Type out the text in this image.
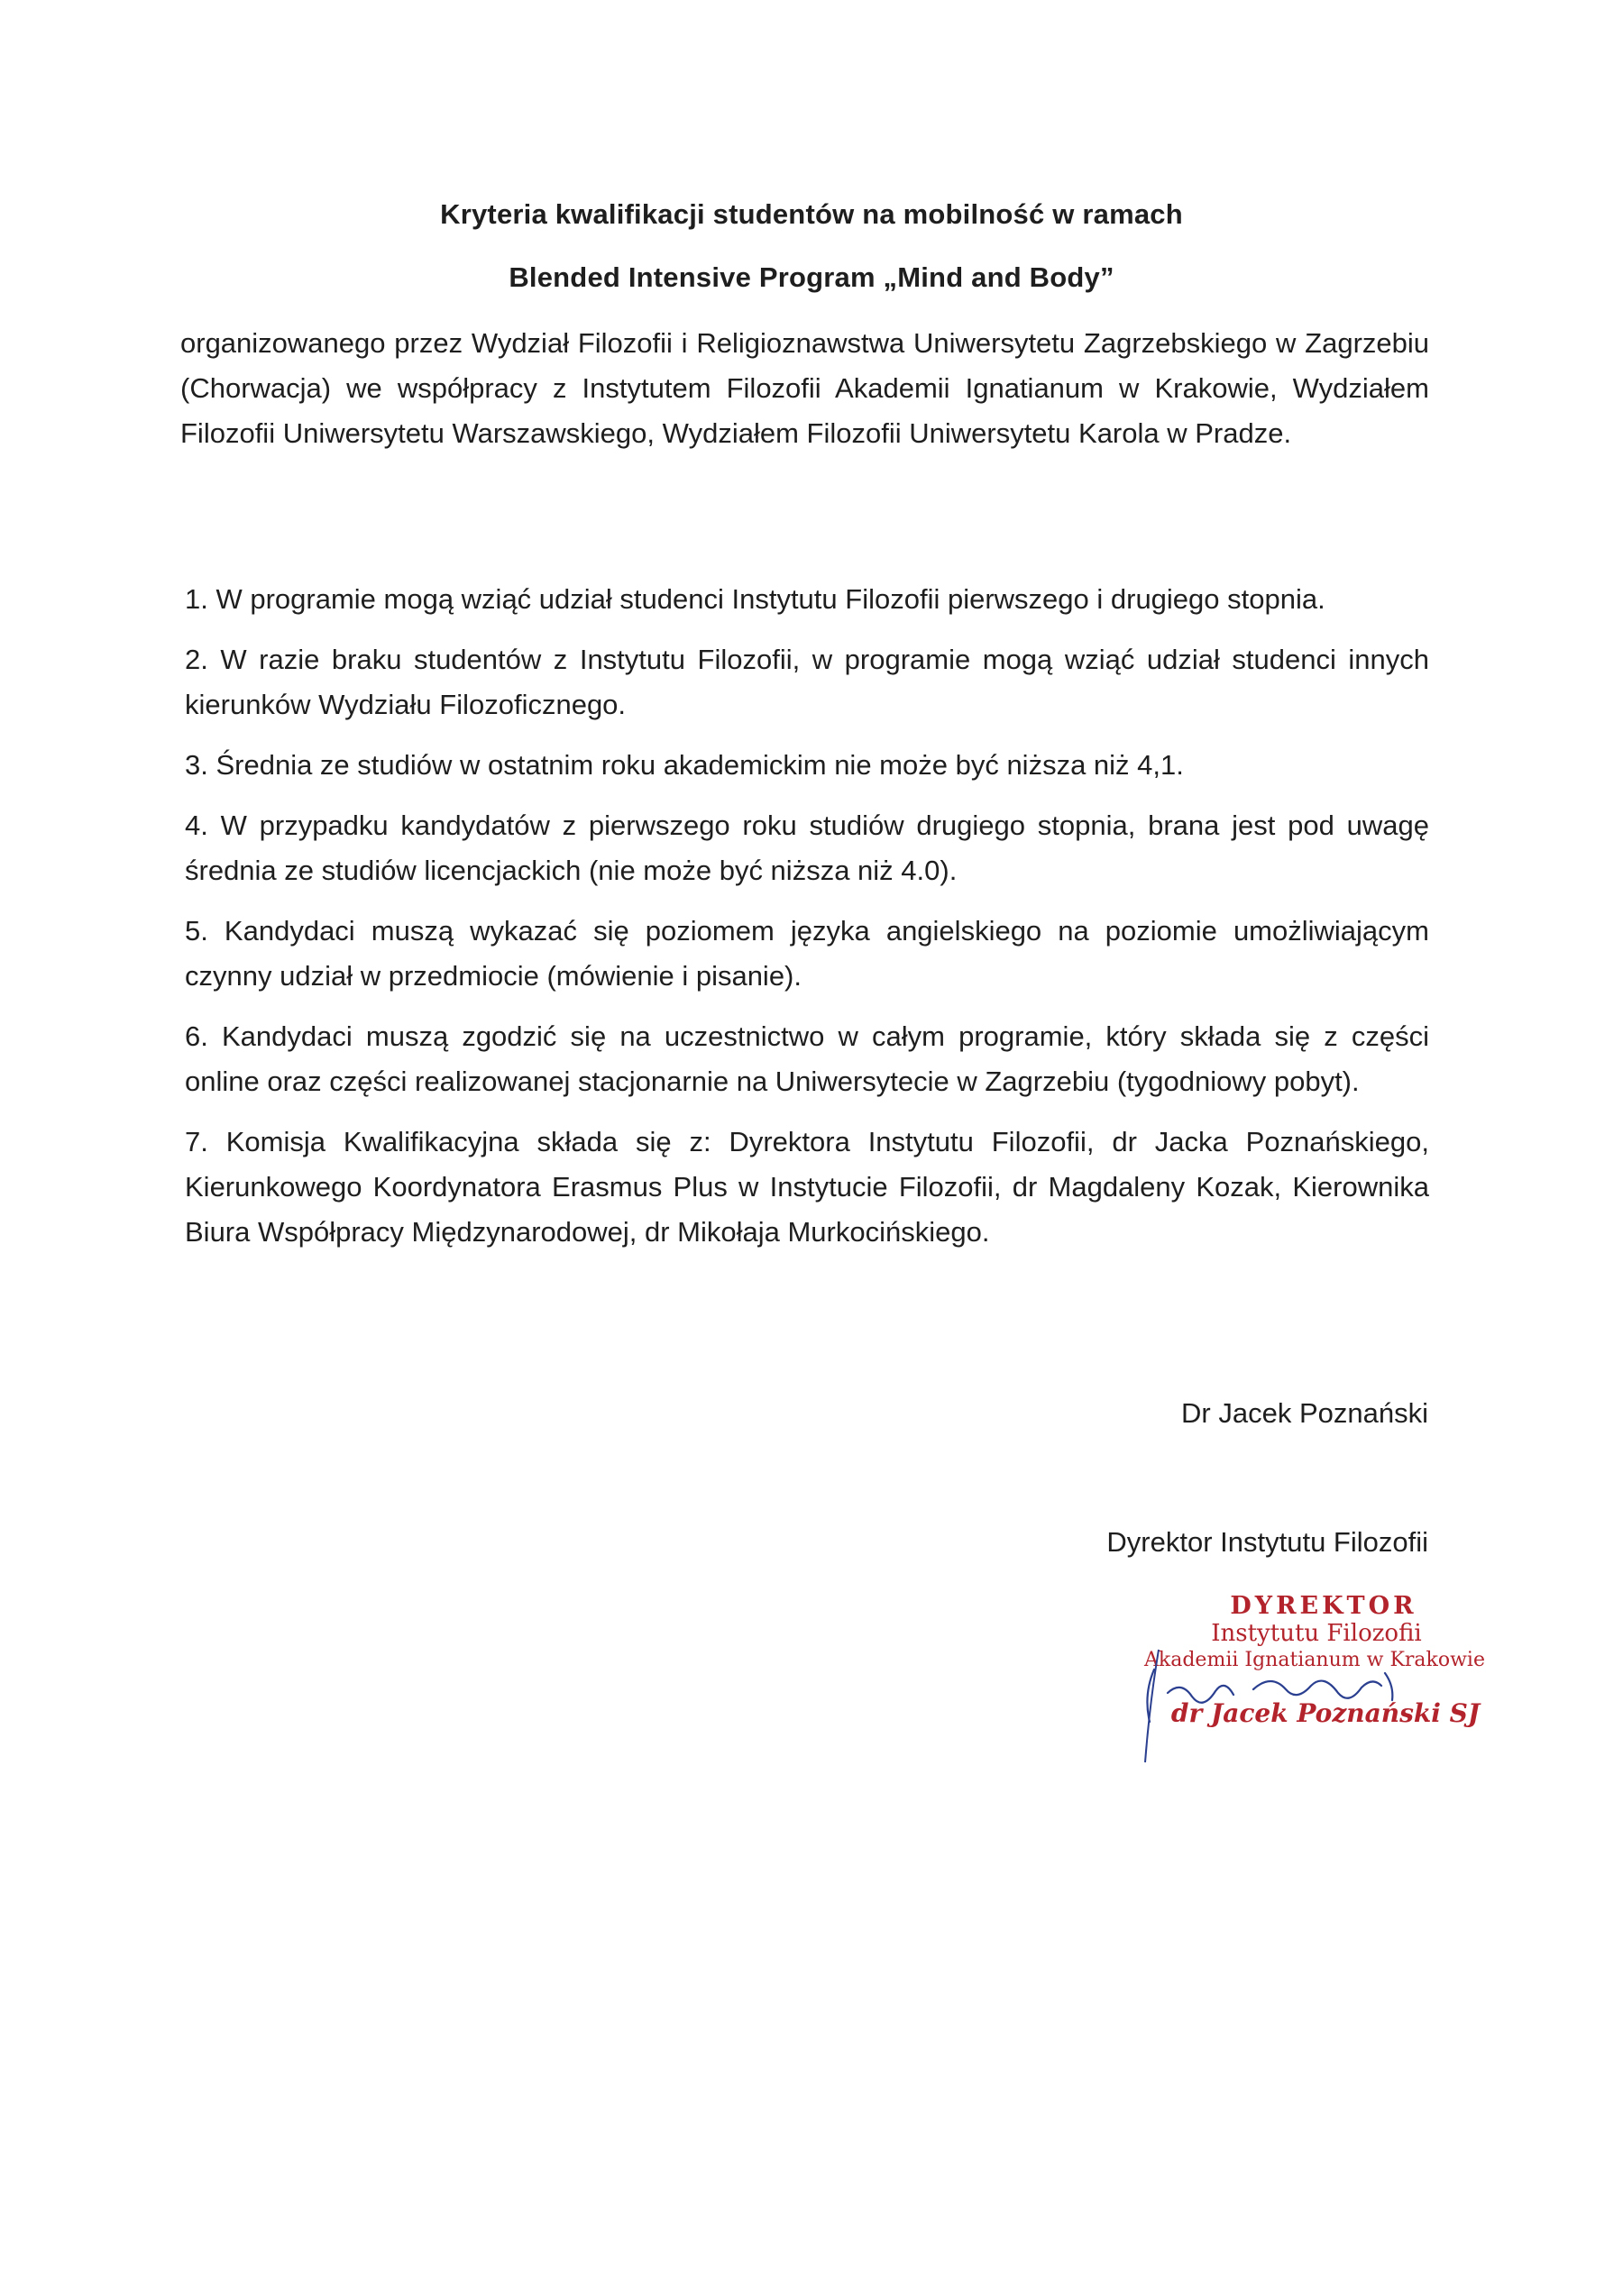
Kryteria kwalifikacji studentów na mobilność w ramach
Blended Intensive Program „Mind and Body”

organizowanego przez Wydział Filozofii i Religioznawstwa Uniwersytetu Zagrzebskiego w Zagrzebiu (Chorwacja) we współpracy z Instytutem Filozofii Akademii Ignatianum w Krakowie, Wydziałem Filozofii Uniwersytetu Warszawskiego, Wydziałem Filozofii Uniwersytetu Karola w Pradze.

1. W programie mogą wziąć udział studenci Instytutu Filozofii pierwszego i drugiego stopnia.
2. W razie braku studentów z Instytutu Filozofii, w programie mogą wziąć udział studenci innych kierunków Wydziału Filozoficznego.
3. Średnia ze studiów w ostatnim roku akademickim nie może być niższa niż 4,1.
4. W przypadku kandydatów z pierwszego roku studiów drugiego stopnia, brana jest pod uwagę średnia ze studiów licencjackich (nie może być niższa niż 4.0).
5. Kandydaci muszą wykazać się poziomem języka angielskiego na poziomie umożliwiającym czynny udział w przedmiocie (mówienie i pisanie).
6. Kandydaci muszą zgodzić się na uczestnictwo w całym programie, który składa się z części online oraz części realizowanej stacjonarnie na Uniwersytecie w Zagrzebiu (tygodniowy pobyt).
7. Komisja Kwalifikacyjna składa się z: Dyrektora Instytutu Filozofii, dr Jacka Poznańskiego, Kierunkowego Koordynatora Erasmus Plus w Instytucie Filozofii, dr Magdaleny Kozak, Kierownika Biura Współpracy Międzynarodowej, dr Mikołaja Murkocińskiego.
Dr Jacek Poznański
Dyrektor Instytutu Filozofii
DYREKTOR
Instytutu Filozofii
Akademii Ignatianum w Krakowie
dr Jacek Poznański SJ
